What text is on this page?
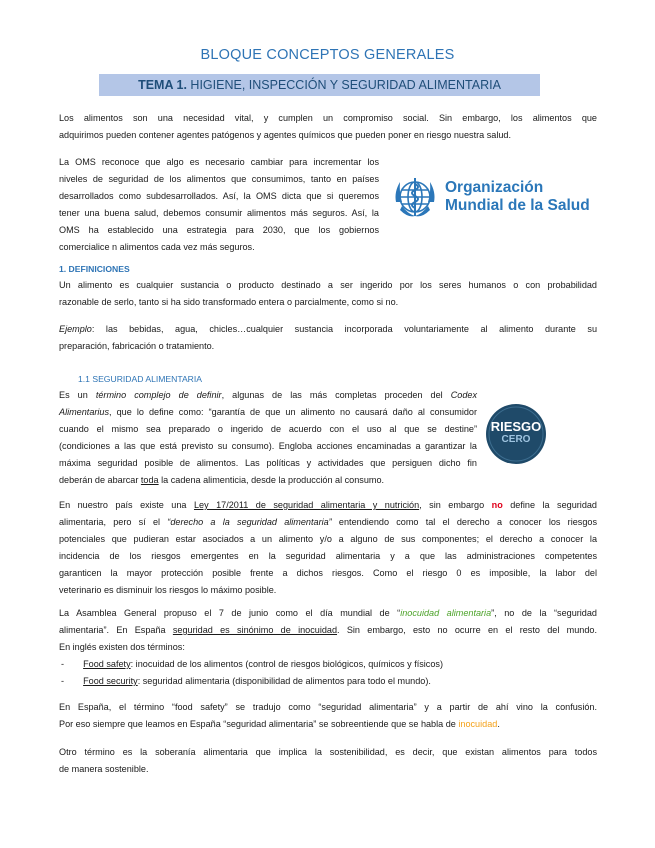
BLOQUE CONCEPTOS GENERALES
TEMA 1. HIGIENE, INSPECCIÓN Y SEGURIDAD ALIMENTARIA
Los alimentos son una necesidad vital, y cumplen un compromiso social. Sin embargo, los alimentos que
adquirimos pueden contener agentes patógenos y agentes químicos que pueden poner en riesgo nuestra salud.
La OMS reconoce que algo es necesario cambiar para incrementar los
niveles de seguridad de los alimentos que consumimos, tanto en países
desarrollados como subdesarrollados. Así, la OMS dicta que si queremos
tener una buena salud, debemos consumir alimentos más seguros. Así, la
OMS ha establecido una estrategia para 2030, que los gobiernos
comercialice n alimentos cada vez más seguros.
Organización
Mundial de la Salud
1. DEFINICIONES
Un alimento es cualquier sustancia o producto destinado a ser ingerido por los seres humanos o con probabilidad
razonable de serlo, tanto si ha sido transformado entera o parcialmente, como si no.
Ejemplo: las bebidas, agua, chicles…cualquier sustancia incorporada voluntariamente al alimento durante su
preparación, fabricación o tratamiento.
1.1 SEGURIDAD ALIMENTARIA
Es un término complejo de definir, algunas de las más completas proceden del Codex
Alimentarius, que lo define como: “garantía de que un alimento no causará daño al consumidor
cuando el mismo sea preparado o ingerido de acuerdo con el uso al que se destine”
(condiciones a las que está previsto su consumo). Engloba acciones encaminadas a garantizar la
máxima seguridad posible de alimentos. Las políticas y actividades que persiguen dicho fin
deberán de abarcar toda la cadena alimenticia, desde la producción al consumo.
RIESGO
CERO
En nuestro país existe una Ley 17/2011 de seguridad alimentaria y nutrición, sin embargo no define la seguridad
alimentaria, pero sí el “derecho a la seguridad alimentaria” entendiendo como tal el derecho a conocer los riesgos
potenciales que pudieran estar asociados a un alimento y/o a alguno de sus componentes; el derecho a conocer la
incidencia de los riesgos emergentes en la seguridad alimentaria y a que las administraciones competentes
garanticen la mayor protección posible frente a dichos riesgos. Como el riesgo 0 es imposible, la labor del
veterinario es disminuir los riesgos lo máximo posible.
La Asamblea General propuso el 7 de junio como el día mundial de “inocuidad alimentaria”, no de la “seguridad
alimentaria”. En España seguridad es sinónimo de inocuidad. Sin embargo, esto no ocurre en el resto del mundo.
En inglés existen dos términos:
- Food safety: inocuidad de los alimentos (control de riesgos biológicos, químicos y físicos)
- Food security: seguridad alimentaria (disponibilidad de alimentos para todo el mundo).
En España, el término “food safety” se tradujo como “seguridad alimentaria” y a partir de ahí vino la confusión.
Por eso siempre que leamos en España “seguridad alimentaria” se sobreentiende que se habla de inocuidad.
Otro término es la soberanía alimentaria que implica la sostenibilidad, es decir, que existan alimentos para todos
de manera sostenible.
